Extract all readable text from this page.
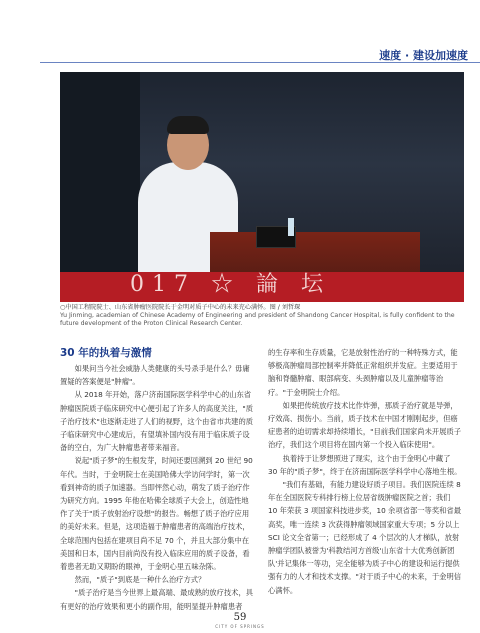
速度 · 建设加速度
017 ☆ 論 坛
○中国工程院院士、山东省肿瘤医院院长于金明对质子中心的未来充心满怀。图 / 刘哲琛
Yu Jinming, academian of Chinese Academy of Engineering and president of Shandong Cancer Hospital, is fully confident to the future development of the Proton Clinical Research Center.
30 年的执着与激情

如果问当今社会威胁人类健康的头号杀手是什么？毋庸置疑的答案便是"肿瘤"。

从 2018 年开始，落户济南国际医学科学中心的山东省肿瘤医院质子临床研究中心便引起了许多人的高度关注，"质子治疗技术"也逐渐走进了人们的视野，这个由省市共建的质子临床研究中心建成后，有望填补国内没有用于临床质子设备的空白，为广大肿瘤患者带来福音。

说起"质子梦"的生根发芽，时间还要回溯到 20 世纪 90 年代。当时，于金明院士在美国哈佛大学访问学时，第一次看到神奇的质子加速器。当即怦然心动，萌发了质子治疗作为研究方向。1995 年他在哈佛全球质子大会上，创造性地作了关于"质子放射治疗设想"的报告。畅想了质子治疗应用的美好未来。但是，这项造福于肿瘤患者的高端治疗技术，全球范围内包括在建项目尚不足 70 个，并且大部分集中在美国和日本，国内目前尚没有投入临床应用的质子设备，看着患者无助又期盼的眼神，于金明心里五味杂陈。

然而，"质子"到底是一种什么治疗方式？

"质子治疗是当今世界上最高端、最成熟的放疗技术，具有更好的治疗效果和更小的副作用，能明显提升肿瘤患者

的生存率和生存质量，它是放射性治疗的一种特殊方式，能够极高肿瘤局部控制率并降低正常组织并发症。主要适用于脑和脊髓肿瘤、眼部病变、头颈肿瘤以及儿童肿瘤等治疗。"于金明院士介绍。

如果把传统放疗技术比作炸弹，那质子治疗就是导弹，疗效高、损伤小。当前，质子技术在中国才刚刚起步，但癌症患者的迫切需求却持续增长，"目前我们国家尚未开展质子治疗，我们这个项目将在国内第一个投入临床使用"。

执着持于让梦想照进了现实，这个由于金明心中藏了 30 年的"质子梦"，终于在济南国际医学科学中心落地生根。

"我们有基础，有能力建设好质子项目。我们医院连续 8 年在全国医院专科排行榜上位居省级肿瘤医院之首；我们 10 年荣获 3 项国家科技进步奖，10 余项省部一等奖和省最高奖，唯一连续 3 次获得肿瘤领域国家重大专项；5 分以上 SCI 论文全省第一；已经形成了 4 个层次的人才梯队，放射肿瘤学团队被誉为'科教结河方首级'山东省十大优秀创新团队'并记集体一等功，完全能够为质子中心的建设和运行提供强有力的人才和技术支撑。"对于质子中心的未来，于金明信心满怀。

59
CITY OF SPRINGS
